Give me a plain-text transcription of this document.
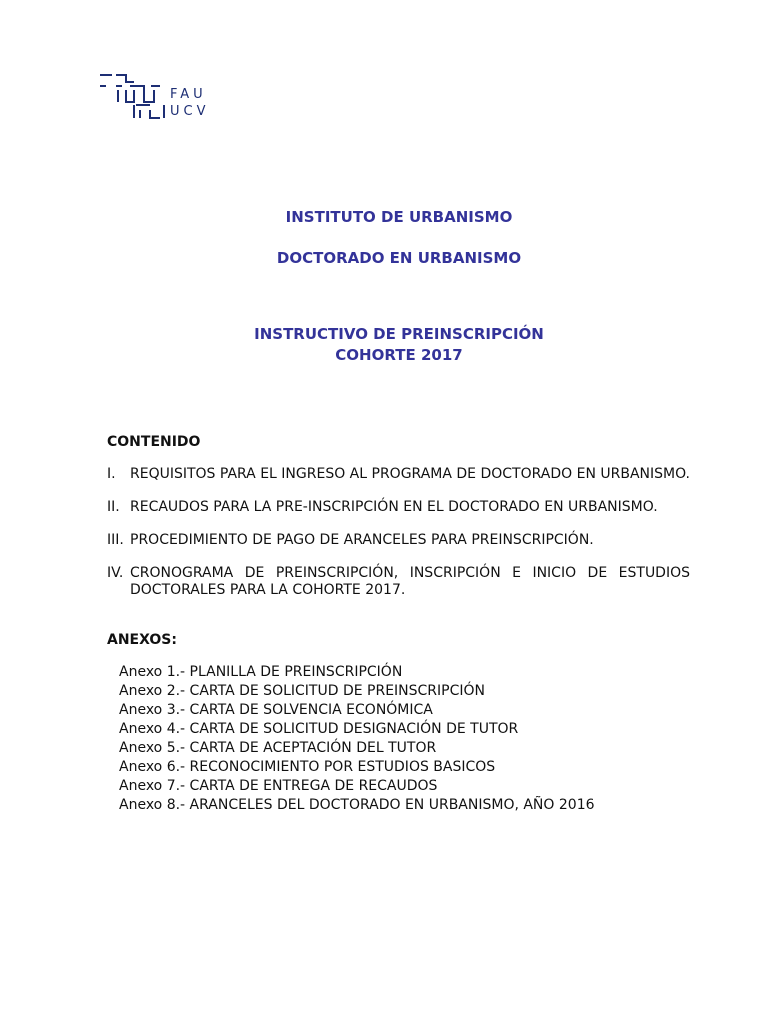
FAU
UCV
INSTITUTO DE URBANISMO
DOCTORADO EN URBANISMO
INSTRUCTIVO DE PREINSCRIPCIÓN
COHORTE 2017
CONTENIDO
I.	REQUISITOS PARA EL INGRESO AL PROGRAMA DE DOCTORADO EN URBANISMO.
II. RECAUDOS PARA LA PRE-INSCRIPCIÓN EN EL DOCTORADO EN URBANISMO.
III. PROCEDIMIENTO DE PAGO DE ARANCELES PARA PREINSCRIPCIÓN.
IV. CRONOGRAMA DE PREINSCRIPCIÓN, INSCRIPCIÓN E INICIO DE ESTUDIOS DOCTORALES PARA LA COHORTE 2017.
ANEXOS:
Anexo 1.- PLANILLA DE PREINSCRIPCIÓN
Anexo 2.- CARTA DE SOLICITUD DE PREINSCRIPCIÓN
Anexo 3.- CARTA DE SOLVENCIA ECONÓMICA
Anexo 4.- CARTA DE SOLICITUD DESIGNACIÓN DE TUTOR
Anexo 5.- CARTA DE ACEPTACIÓN DEL TUTOR
Anexo 6.- RECONOCIMIENTO POR ESTUDIOS BASICOS
Anexo 7.- CARTA DE ENTREGA DE RECAUDOS
Anexo 8.- ARANCELES DEL DOCTORADO EN URBANISMO, AÑO 2016
